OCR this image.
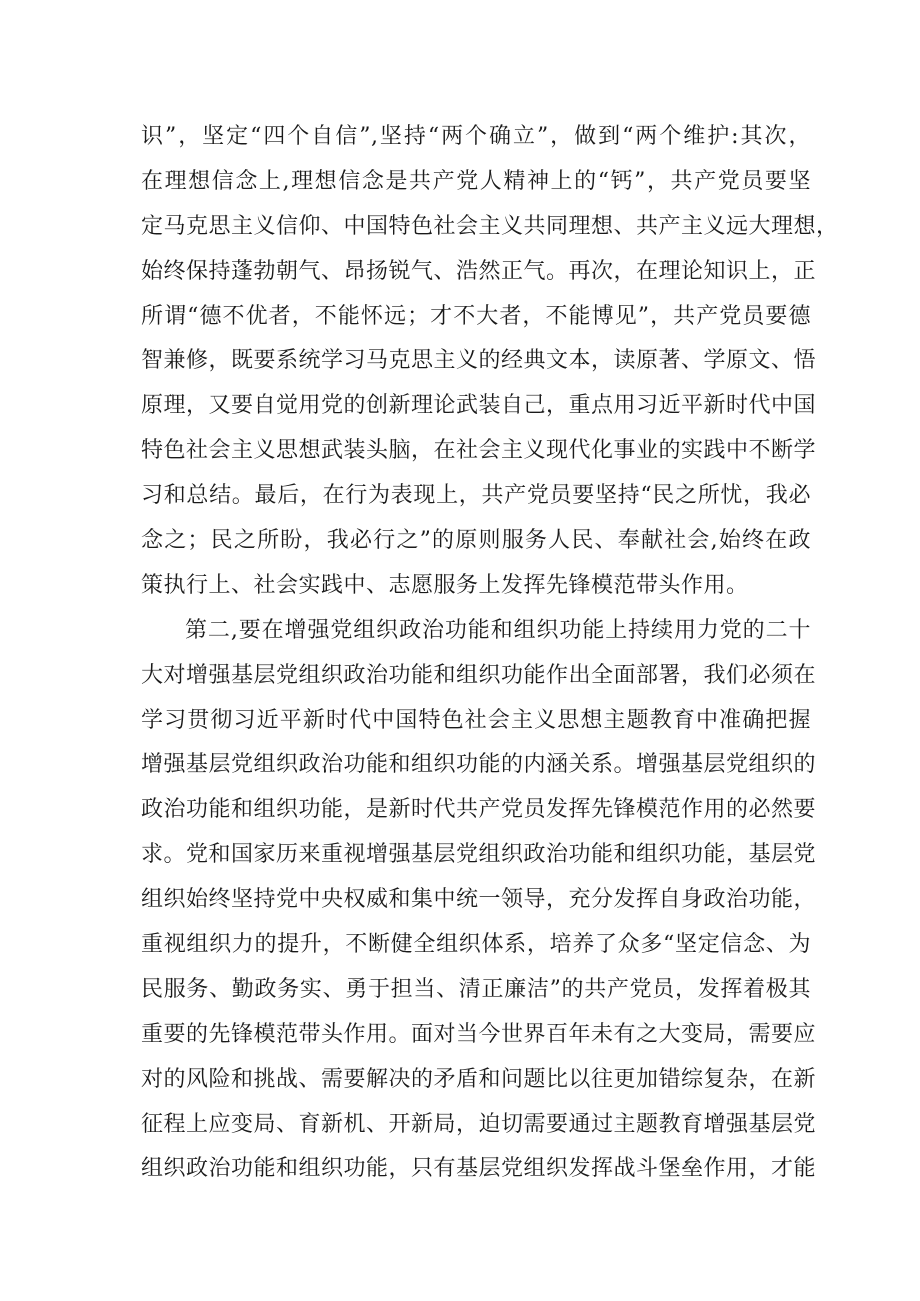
识”，坚定“四个自信”,坚持“两个确立”，做到“两个维护:其次，
在理想信念上,理想信念是共产党人精神上的“钙”，共产党员要坚
定马克思主义信仰、中国特色社会主义共同理想、共产主义远大理想，
始终保持蓬勃朝气、昂扬锐气、浩然正气。再次，在理论知识上，正
所谓“德不优者，不能怀远；才不大者，不能博见”，共产党员要德
智兼修，既要系统学习马克思主义的经典文本，读原著、学原文、悟
原理，又要自觉用党的创新理论武装自己，重点用习近平新时代中国
特色社会主义思想武装头脑，在社会主义现代化事业的实践中不断学
习和总结。最后，在行为表现上，共产党员要坚持“民之所忧，我必
念之；民之所盼，我必行之”的原则服务人民、奉献社会,始终在政
策执行上、社会实践中、志愿服务上发挥先锋模范带头作用。
第二,要在增强党组织政治功能和组织功能上持续用力党的二十
大对增强基层党组织政治功能和组织功能作出全面部署，我们必须在
学习贯彻习近平新时代中国特色社会主义思想主题教育中准确把握
增强基层党组织政治功能和组织功能的内涵关系。增强基层党组织的
政治功能和组织功能，是新时代共产党员发挥先锋模范作用的必然要
求。党和国家历来重视增强基层党组织政治功能和组织功能，基层党
组织始终坚持党中央权威和集中统一领导，充分发挥自身政治功能，
重视组织力的提升，不断健全组织体系，培养了众多“坚定信念、为
民服务、勤政务实、勇于担当、清正廉洁”的共产党员，发挥着极其
重要的先锋模范带头作用。面对当今世界百年未有之大变局，需要应
对的风险和挑战、需要解决的矛盾和问题比以往更加错综复杂，在新
征程上应变局、育新机、开新局，迫切需要通过主题教育增强基层党
组织政治功能和组织功能，只有基层党组织发挥战斗堡垒作用，才能
